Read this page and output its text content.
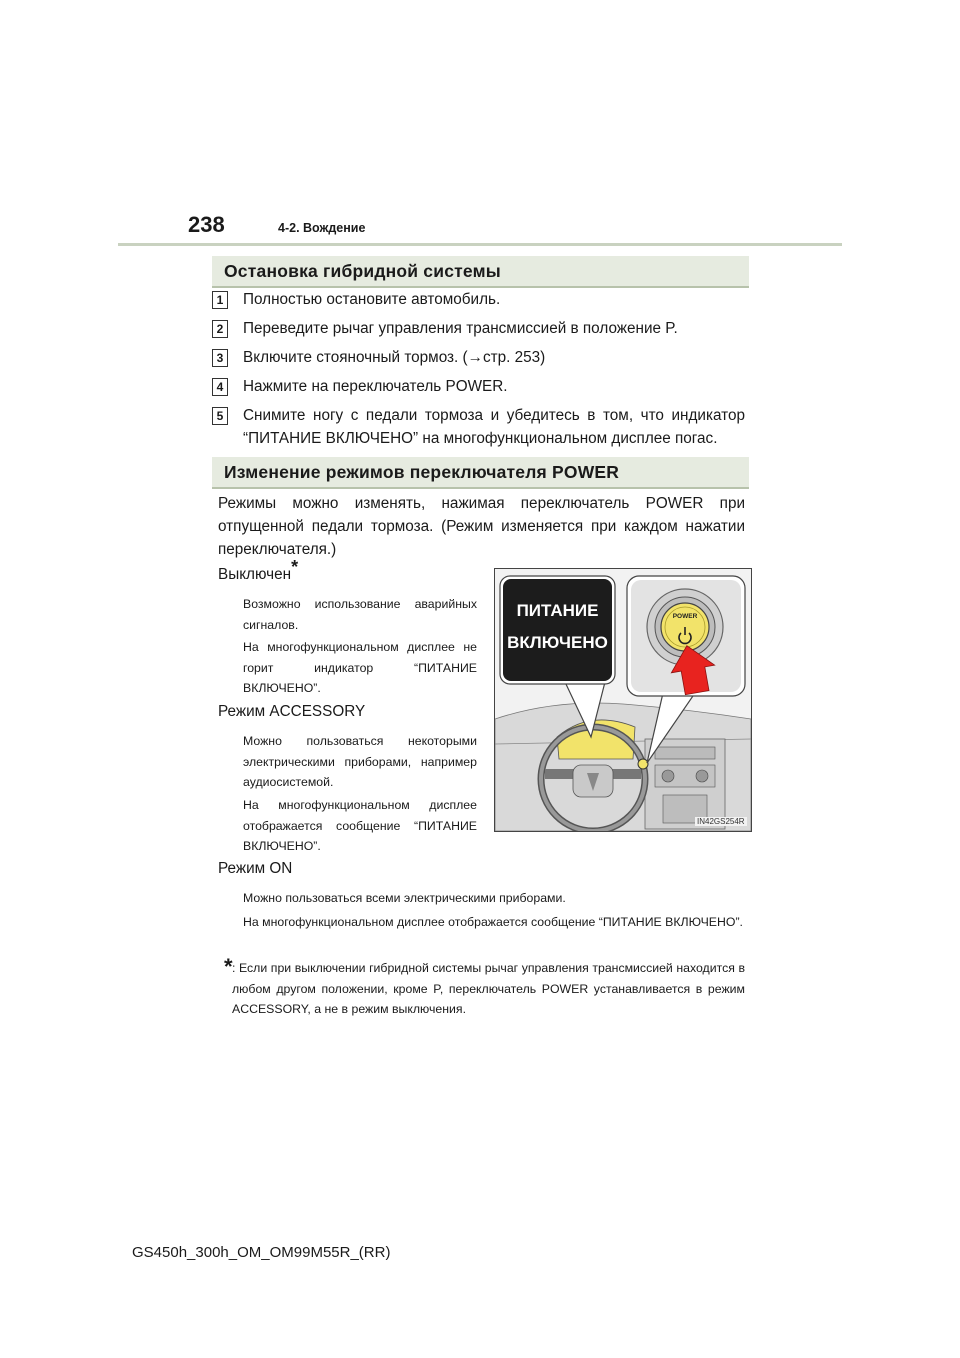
238	4-2. Вождение
Остановка гибридной системы
1	Полностью остановите автомобиль.
2	Переведите рычаг управления трансмиссией в положение P.
3	Включите стояночный тормоз. (→стр. 253)
4	Нажмите на переключатель POWER.
5	Снимите ногу с педали тормоза и убедитесь в том, что индикатор “ПИТАНИЕ ВКЛЮЧЕНО” на многофункциональном дисплее погас.
Изменение режимов переключателя POWER
Режимы можно изменять, нажимая переключатель POWER при отпущенной педали тормоза. (Режим изменяется при каждом нажатии переключателя.)
Выключен*
Возможно использование аварийных сигналов.
На многофункциональном дисплее не горит индикатор “ПИТАНИЕ ВКЛЮЧЕНО”.
Режим ACCESSORY
Можно пользоваться некоторыми электрическими приборами, например аудиосистемой.
На многофункциональном дисплее отображается сообщение “ПИТАНИЕ ВКЛЮЧЕНО”.
Режим ON
Можно пользоваться всеми электрическими приборами.
На многофункциональном дисплее отображается сообщение “ПИТАНИЕ ВКЛЮЧЕНО”.
* : Если при выключении гибридной системы рычаг управления трансмиссией находится в любом другом положении, кроме P, переключатель POWER устанавливается в режим ACCESSORY, а не в режим выключения.
ПИТАНИЕ
ВКЛЮЧЕНО
POWER
IN42GS254R
GS450h_300h_OM_OM99M55R_(RR)
